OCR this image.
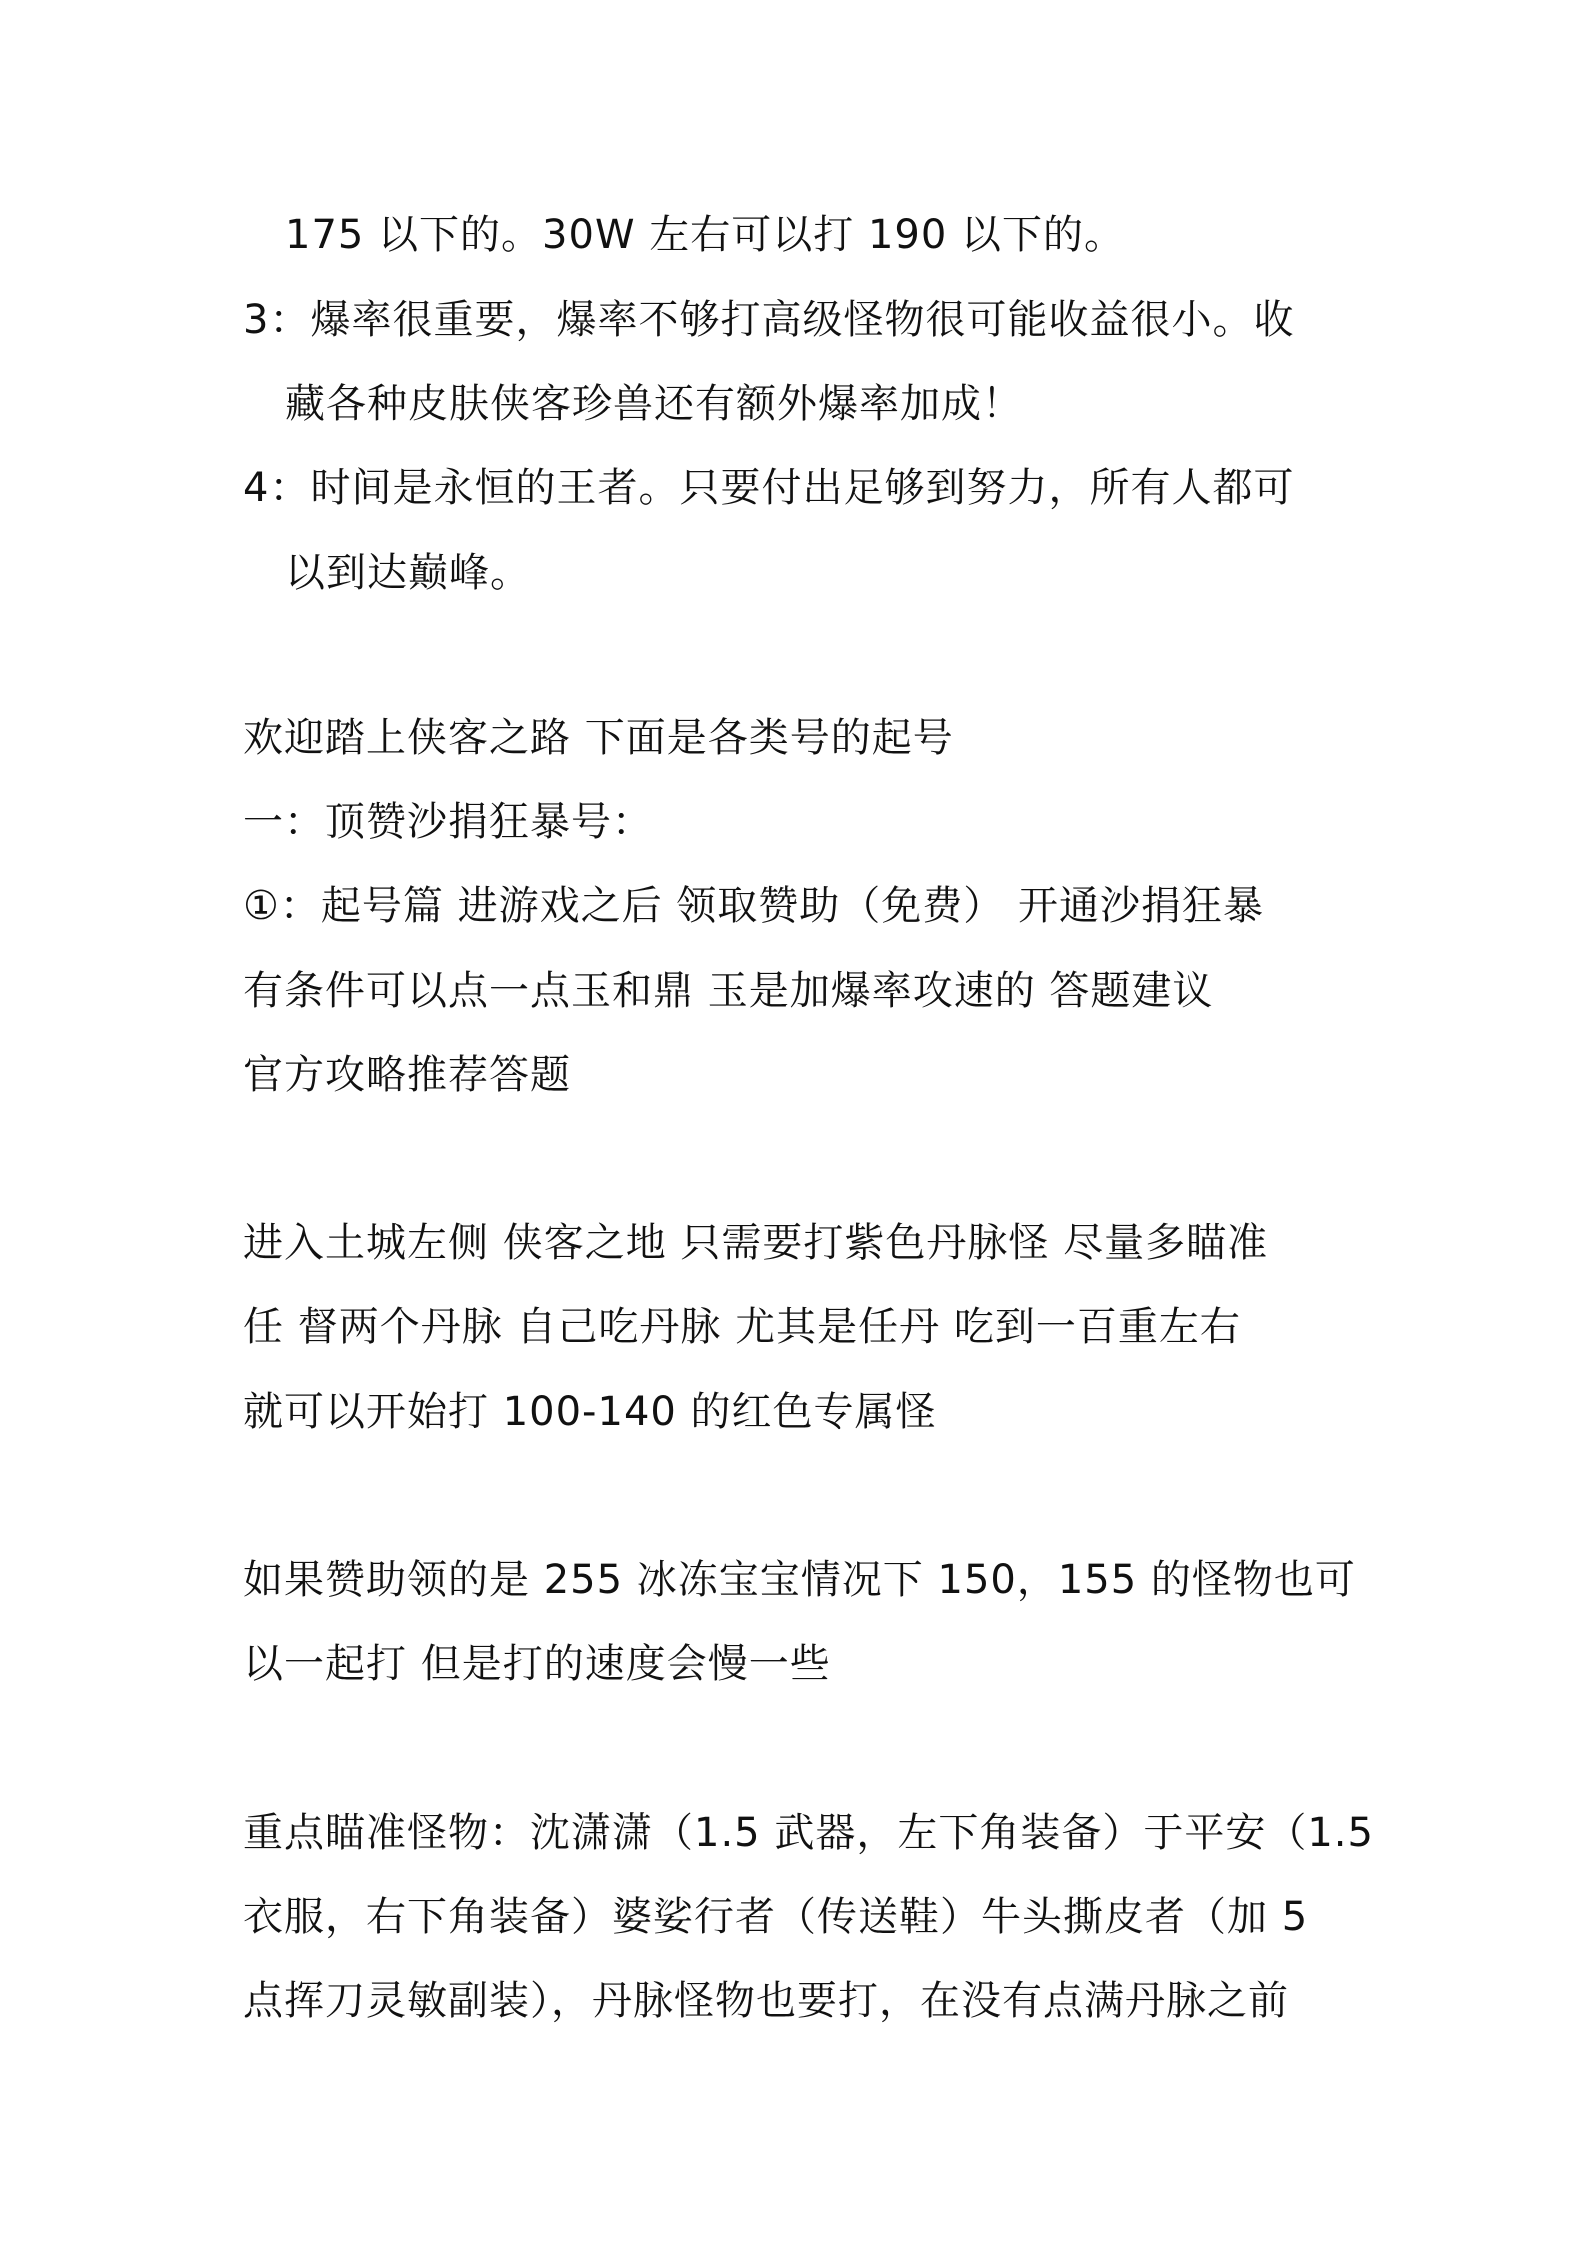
175 以下的。30W 左右可以打 190 以下的。
3：爆率很重要，爆率不够打高级怪物很可能收益很小。收
藏各种皮肤侠客珍兽还有额外爆率加成！
4：时间是永恒的王者。只要付出足够到努力，所有人都可
以到达巅峰。
欢迎踏上侠客之路 下面是各类号的起号
一：顶赞沙捐狂暴号：
①：起号篇 进游戏之后 领取赞助（免费） 开通沙捐狂暴
有条件可以点一点玉和鼎 玉是加爆率攻速的 答题建议
官方攻略推荐答题
进入土城左侧 侠客之地 只需要打紫色丹脉怪 尽量多瞄准
任 督两个丹脉 自己吃丹脉 尤其是任丹 吃到一百重左右
就可以开始打 100-140 的红色专属怪
如果赞助领的是 255 冰冻宝宝情况下 150，155 的怪物也可
以一起打 但是打的速度会慢一些
重点瞄准怪物：沈潇潇（1.5 武器，左下角装备）于平安（1.5
衣服，右下角装备）婆娑行者（传送鞋）牛头撕皮者（加 5
点挥刀灵敏副装），丹脉怪物也要打，在没有点满丹脉之前
